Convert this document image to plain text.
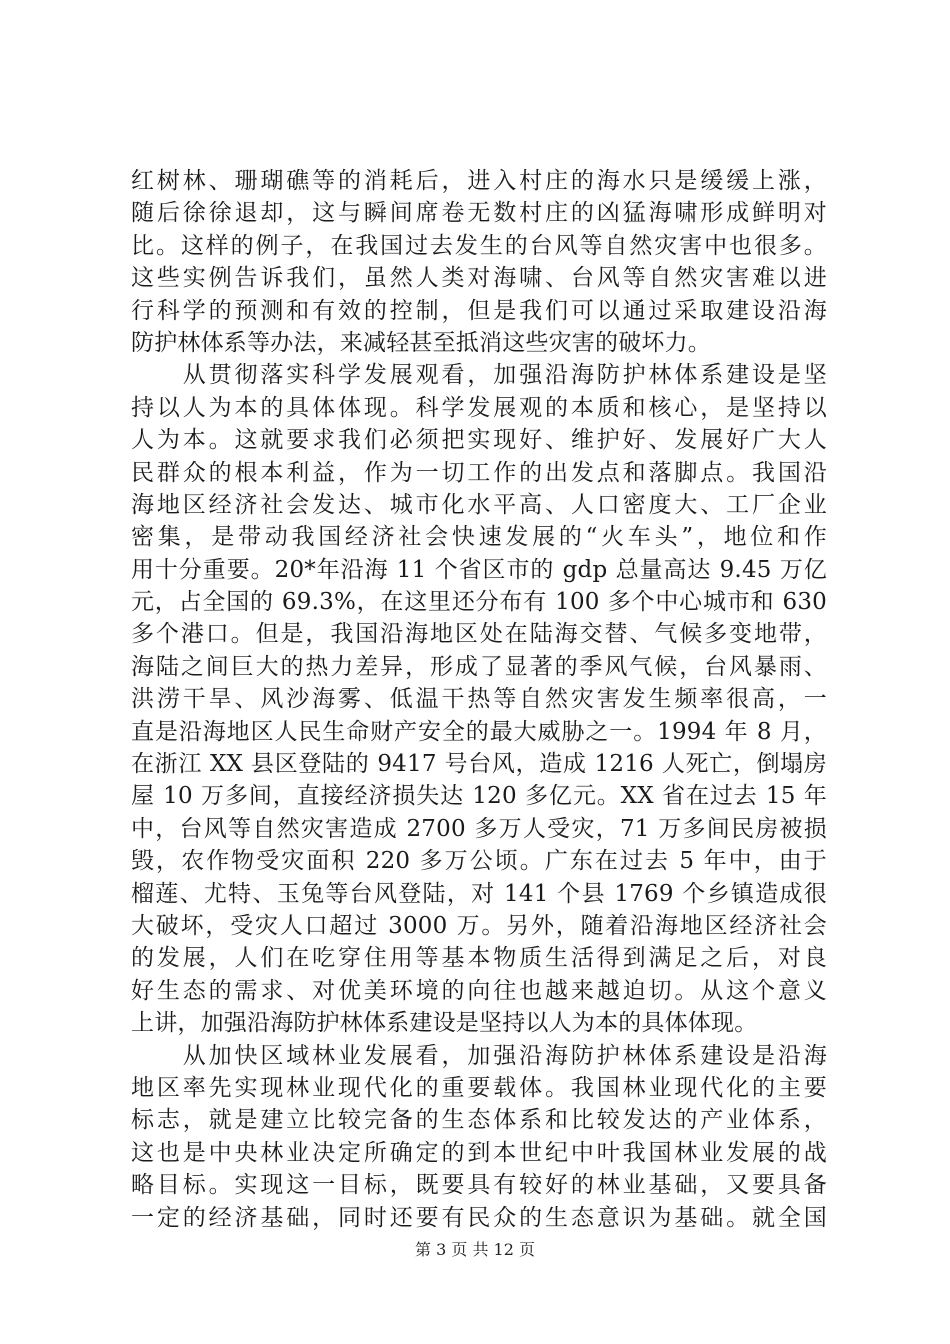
红树林、珊瑚礁等的消耗后，进入村庄的海水只是缓缓上涨，
随后徐徐退却，这与瞬间席卷无数村庄的凶猛海啸形成鲜明对
比。这样的例子，在我国过去发生的台风等自然灾害中也很多。
这些实例告诉我们，虽然人类对海啸、台风等自然灾害难以进
行科学的预测和有效的控制，但是我们可以通过采取建设沿海
防护林体系等办法，来减轻甚至抵消这些灾害的破坏力。
　　从贯彻落实科学发展观看，加强沿海防护林体系建设是坚
持以人为本的具体体现。科学发展观的本质和核心，是坚持以
人为本。这就要求我们必须把实现好、维护好、发展好广大人
民群众的根本利益，作为一切工作的出发点和落脚点。我国沿
海地区经济社会发达、城市化水平高、人口密度大、工厂企业
密集，是带动我国经济社会快速发展的“火车头”，地位和作
用十分重要。20*年沿海 11 个省区市的 gdp 总量高达 9.45 万亿
元，占全国的 69.3%，在这里还分布有 100 多个中心城市和 630
多个港口。但是，我国沿海地区处在陆海交替、气候多变地带，
海陆之间巨大的热力差异，形成了显著的季风气候，台风暴雨、
洪涝干旱、风沙海雾、低温干热等自然灾害发生频率很高，一
直是沿海地区人民生命财产安全的最大威胁之一。1994 年 8 月，
在浙江 XX 县区登陆的 9417 号台风，造成 1216 人死亡，倒塌房
屋 10 万多间，直接经济损失达 120 多亿元。XX 省在过去 15 年
中，台风等自然灾害造成 2700 多万人受灾，71 万多间民房被损
毁，农作物受灾面积 220 多万公顷。广东在过去 5 年中，由于
榴莲、尤特、玉兔等台风登陆，对 141 个县 1769 个乡镇造成很
大破坏，受灾人口超过 3000 万。另外，随着沿海地区经济社会
的发展，人们在吃穿住用等基本物质生活得到满足之后，对良
好生态的需求、对优美环境的向往也越来越迫切。从这个意义
上讲，加强沿海防护林体系建设是坚持以人为本的具体体现。
　　从加快区域林业发展看，加强沿海防护林体系建设是沿海
地区率先实现林业现代化的重要载体。我国林业现代化的主要
标志，就是建立比较完备的生态体系和比较发达的产业体系，
这也是中央林业决定所确定的到本世纪中叶我国林业发展的战
略目标。实现这一目标，既要具有较好的林业基础，又要具备
一定的经济基础，同时还要有民众的生态意识为基础。就全国
第 3 页 共 12 页
